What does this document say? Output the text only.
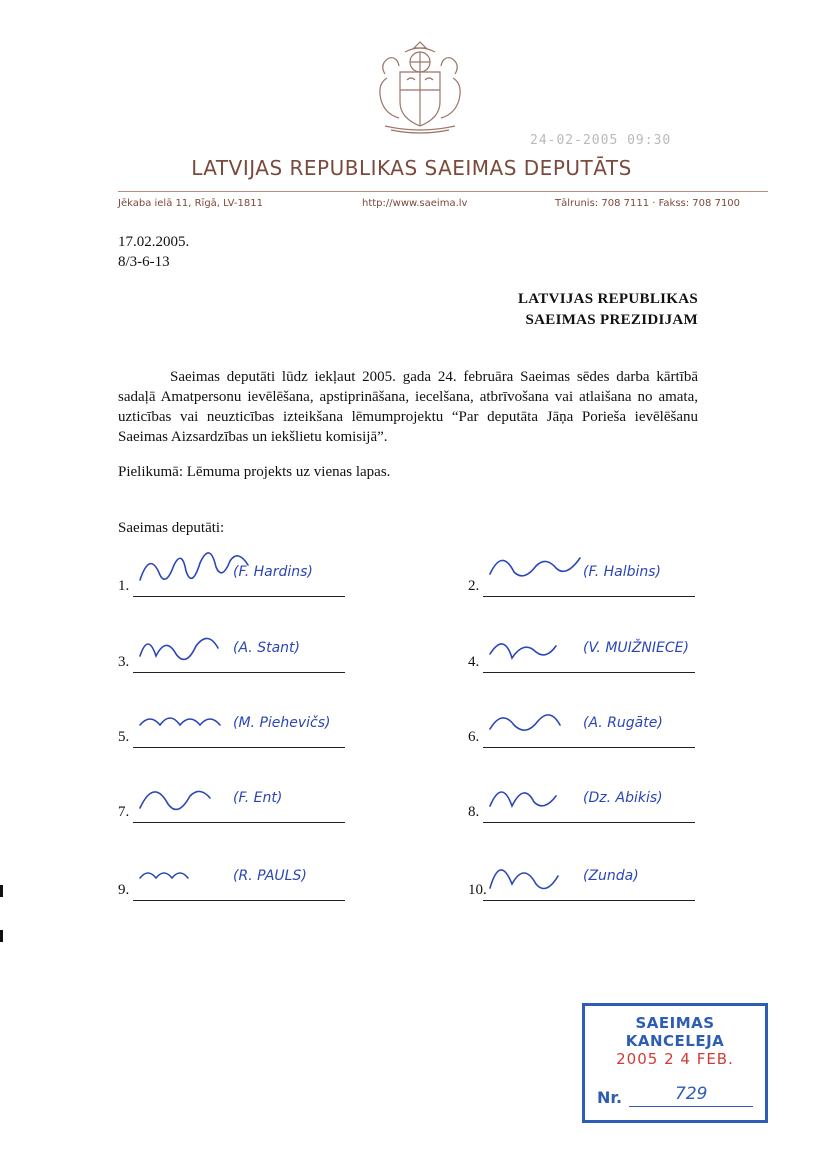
24-02-2005 09:30
LATVIJAS REPUBLIKAS SAEIMAS DEPUTĀTS
Jēkaba ielā 11, Rīgā, LV-1811	http://www.saeima.lv	Tālrunis: 708 7111 · Fakss: 708 7100
17.02.2005.
8/3-6-13
LATVIJAS REPUBLIKAS
SAEIMAS PREZIDIJAM
Saeimas deputāti lūdz iekļaut 2005. gada 24. februāra Saeimas sēdes darba kārtībā sadaļā Amatpersonu ievēlēšana, apstiprināšana, iecelšana, atbrīvošana vai atlaišana no amata, uzticības vai neuzticības izteikšana lēmumprojektu “Par deputāta Jāņa Porieša ievēlēšanu Saeimas Aizsardzības un iekšlietu komisijā”.
Pielikumā: Lēmuma projekts uz vienas lapas.
Saeimas deputāti:
1.
(F. Hardins)
2.
(F. Halbins)
3.
(A. Stant)
4.
(V. MUIŽNIECE)
5.
(M. Piehevičs)
6.
(A. Rugāte)
7.
(F. Ent)
8.
(Dz. Abikis)
9.
(R. PAULS)
10.
(Zunda)
SAEIMAS KANCELEJA
2005 2 4 FEB.
Nr.	729
